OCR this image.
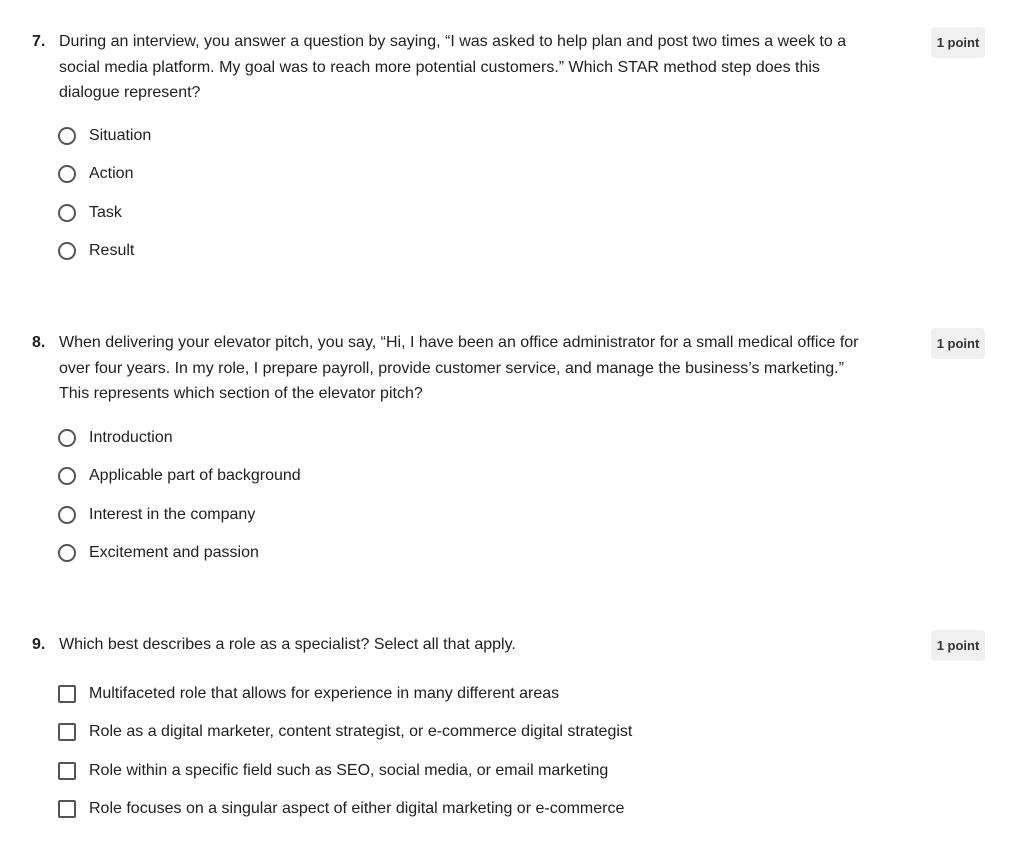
7. During an interview, you answer a question by saying, “I was asked to help plan and post two times a week to a social media platform. My goal was to reach more potential customers.” Which STAR method step does this dialogue represent?

1 point
Situation
Action
Task
Result
8. When delivering your elevator pitch, you say, “Hi, I have been an office administrator for a small medical office for over four years. In my role, I prepare payroll, provide customer service, and manage the business’s marketing.” This represents which section of the elevator pitch?

1 point
Introduction
Applicable part of background
Interest in the company
Excitement and passion
9. Which best describes a role as a specialist? Select all that apply.	1 point
Multifaceted role that allows for experience in many different areas
Role as a digital marketer, content strategist, or e-commerce digital strategist
Role within a specific field such as SEO, social media, or email marketing
Role focuses on a singular aspect of either digital marketing or e-commerce
